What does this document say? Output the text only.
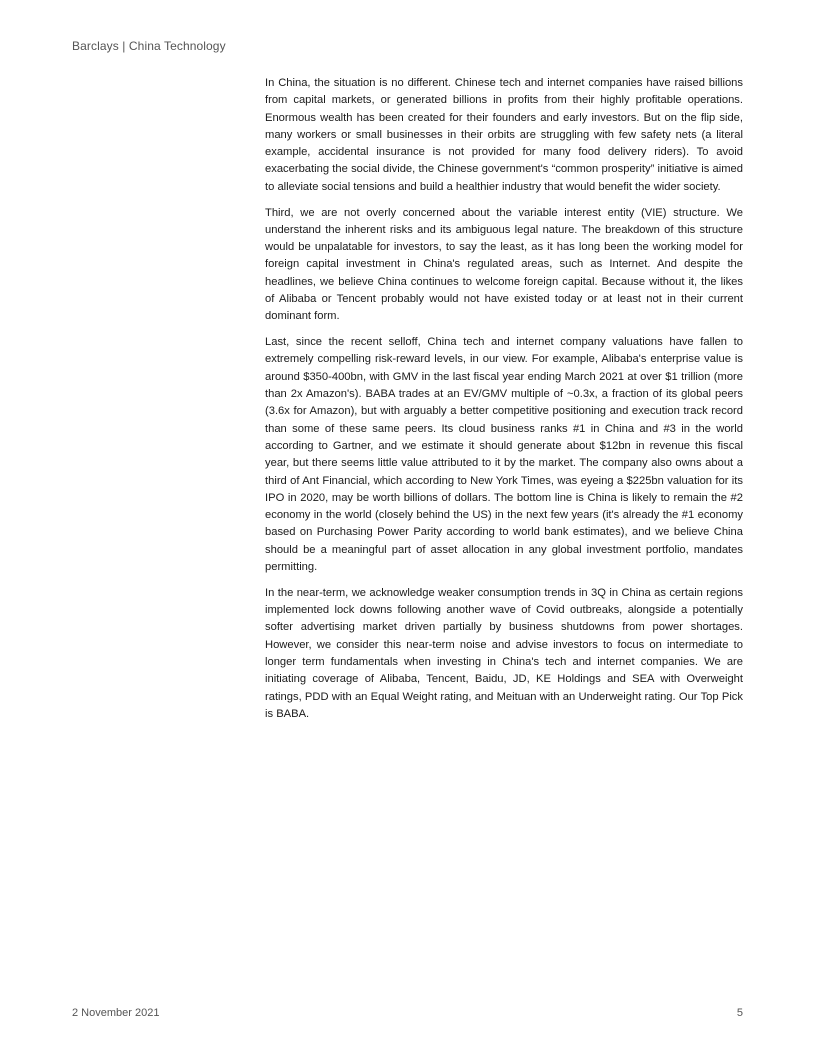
Barclays | China Technology

In China, the situation is no different. Chinese tech and internet companies have raised billions from capital markets, or generated billions in profits from their highly profitable operations. Enormous wealth has been created for their founders and early investors. But on the flip side, many workers or small businesses in their orbits are struggling with few safety nets (a literal example, accidental insurance is not provided for many food delivery riders). To avoid exacerbating the social divide, the Chinese government's “common prosperity” initiative is aimed to alleviate social tensions and build a healthier industry that would benefit the wider society.

Third, we are not overly concerned about the variable interest entity (VIE) structure. We understand the inherent risks and its ambiguous legal nature. The breakdown of this structure would be unpalatable for investors, to say the least, as it has long been the working model for foreign capital investment in China's regulated areas, such as Internet. And despite the headlines, we believe China continues to welcome foreign capital. Because without it, the likes of Alibaba or Tencent probably would not have existed today or at least not in their current dominant form.

Last, since the recent selloff, China tech and internet company valuations have fallen to extremely compelling risk-reward levels, in our view. For example, Alibaba's enterprise value is around $350-400bn, with GMV in the last fiscal year ending March 2021 at over $1 trillion (more than 2x Amazon's). BABA trades at an EV/GMV multiple of ~0.3x, a fraction of its global peers (3.6x for Amazon), but with arguably a better competitive positioning and execution track record than some of these same peers. Its cloud business ranks #1 in China and #3 in the world according to Gartner, and we estimate it should generate about $12bn in revenue this fiscal year, but there seems little value attributed to it by the market. The company also owns about a third of Ant Financial, which according to New York Times, was eyeing a $225bn valuation for its IPO in 2020, may be worth billions of dollars. The bottom line is China is likely to remain the #2 economy in the world (closely behind the US) in the next few years (it's already the #1 economy based on Purchasing Power Parity according to world bank estimates), and we believe China should be a meaningful part of asset allocation in any global investment portfolio, mandates permitting.

In the near-term, we acknowledge weaker consumption trends in 3Q in China as certain regions implemented lock downs following another wave of Covid outbreaks, alongside a potentially softer advertising market driven partially by business shutdowns from power shortages. However, we consider this near-term noise and advise investors to focus on intermediate to longer term fundamentals when investing in China's tech and internet companies. We are initiating coverage of Alibaba, Tencent, Baidu, JD, KE Holdings and SEA with Overweight ratings, PDD with an Equal Weight rating, and Meituan with an Underweight rating. Our Top Pick is BABA.

2 November 2021	5
